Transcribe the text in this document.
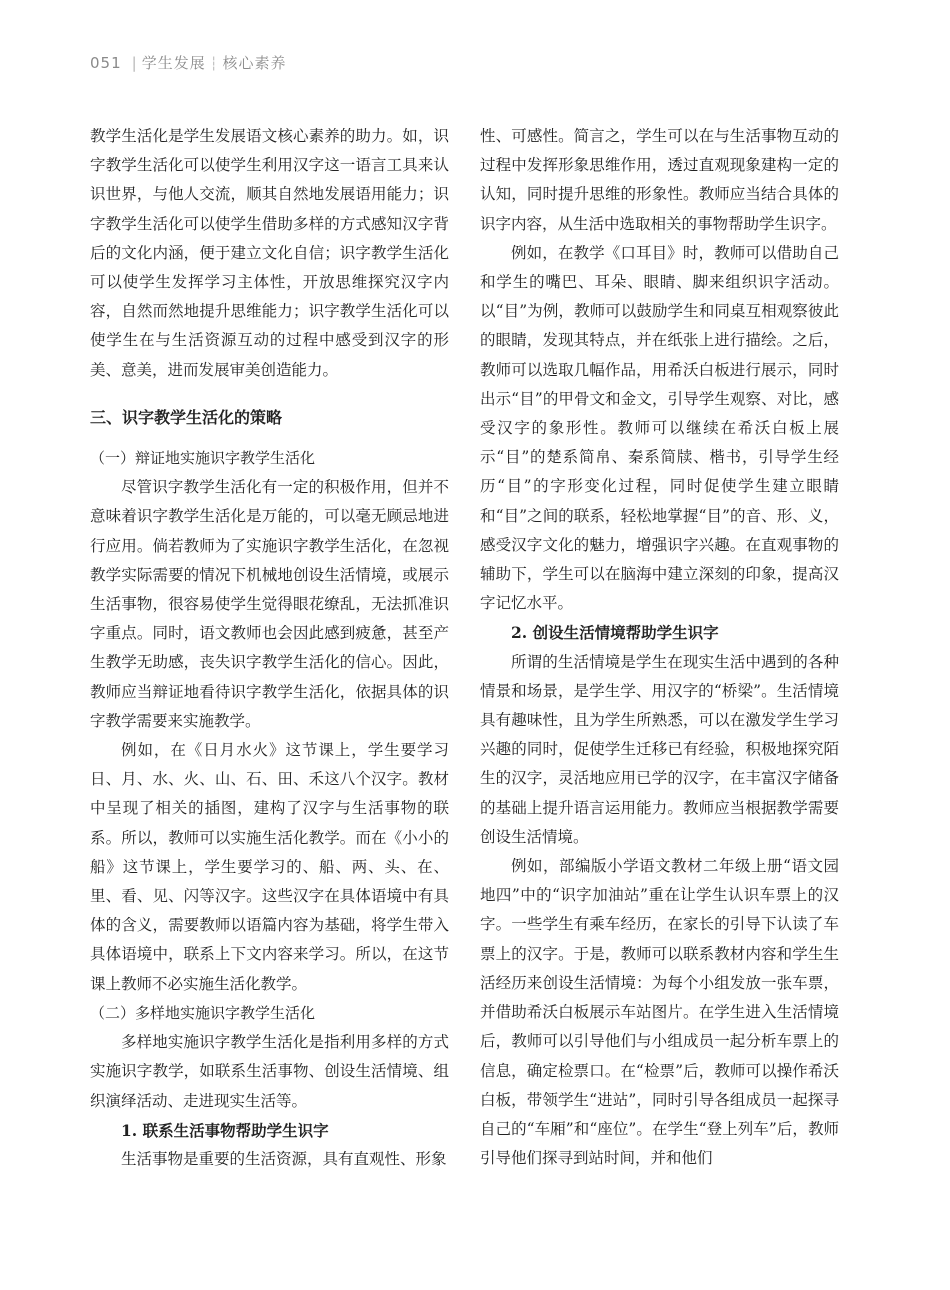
051 | 学生发展 ┆ 核心素养

教学生活化是学生发展语文核心素养的助力。如，识字教学生活化可以使学生利用汉字这一语言工具来认识世界，与他人交流，顺其自然地发展语用能力；识字教学生活化可以使学生借助多样的方式感知汉字背后的文化内涵，便于建立文化自信；识字教学生活化可以使学生发挥学习主体性，开放思维探究汉字内容，自然而然地提升思维能力；识字教学生活化可以使学生在与生活资源互动的过程中感受到汉字的形美、意美，进而发展审美创造能力。

三、识字教学生活化的策略
（一）辩证地实施识字教学生活化

尽管识字教学生活化有一定的积极作用，但并不意味着识字教学生活化是万能的，可以毫无顾忌地进行应用。倘若教师为了实施识字教学生活化，在忽视教学实际需要的情况下机械地创设生活情境，或展示生活事物，很容易使学生觉得眼花缭乱，无法抓准识字重点。同时，语文教师也会因此感到疲惫，甚至产生教学无助感，丧失识字教学生活化的信心。因此，教师应当辩证地看待识字教学生活化，依据具体的识字教学需要来实施教学。

例如，在《日月水火》这节课上，学生要学习日、月、水、火、山、石、田、禾这八个汉字。教材中呈现了相关的插图，建构了汉字与生活事物的联系。所以，教师可以实施生活化教学。而在《小小的船》这节课上，学生要学习的、船、两、头、在、里、看、见、闪等汉字。这些汉字在具体语境中有具体的含义，需要教师以语篇内容为基础，将学生带入具体语境中，联系上下文内容来学习。所以，在这节课上教师不必实施生活化教学。

（二）多样地实施识字教学生活化

多样地实施识字教学生活化是指利用多样的方式实施识字教学，如联系生活事物、创设生活情境、组织演绎活动、走进现实生活等。

1. 联系生活事物帮助学生识字

生活事物是重要的生活资源，具有直观性、形象

性、可感性。简言之，学生可以在与生活事物互动的过程中发挥形象思维作用，透过直观现象建构一定的认知，同时提升思维的形象性。教师应当结合具体的识字内容，从生活中选取相关的事物帮助学生识字。

例如，在教学《口耳目》时，教师可以借助自己和学生的嘴巴、耳朵、眼睛、脚来组织识字活动。以“目”为例，教师可以鼓励学生和同桌互相观察彼此的眼睛，发现其特点，并在纸张上进行描绘。之后，教师可以选取几幅作品，用希沃白板进行展示，同时出示“目”的甲骨文和金文，引导学生观察、对比，感受汉字的象形性。教师可以继续在希沃白板上展示“目”的楚系简帛、秦系简牍、楷书，引导学生经历“目”的字形变化过程，同时促使学生建立眼睛和“目”之间的联系，轻松地掌握“目”的音、形、义，感受汉字文化的魅力，增强识字兴趣。在直观事物的辅助下，学生可以在脑海中建立深刻的印象，提高汉字记忆水平。

2. 创设生活情境帮助学生识字

所谓的生活情境是学生在现实生活中遇到的各种情景和场景，是学生学、用汉字的“桥梁”。生活情境具有趣味性，且为学生所熟悉，可以在激发学生学习兴趣的同时，促使学生迁移已有经验，积极地探究陌生的汉字，灵活地应用已学的汉字，在丰富汉字储备的基础上提升语言运用能力。教师应当根据教学需要创设生活情境。

例如，部编版小学语文教材二年级上册“语文园地四”中的“识字加油站”重在让学生认识车票上的汉字。一些学生有乘车经历，在家长的引导下认读了车票上的汉字。于是，教师可以联系教材内容和学生生活经历来创设生活情境：为每个小组发放一张车票，并借助希沃白板展示车站图片。在学生进入生活情境后，教师可以引导他们与小组成员一起分析车票上的信息，确定检票口。在“检票”后，教师可以操作希沃白板，带领学生“进站”，同时引导各组成员一起探寻自己的“车厢”和“座位”。在学生“登上列车”后，教师引导他们探寻到站时间，并和他们
